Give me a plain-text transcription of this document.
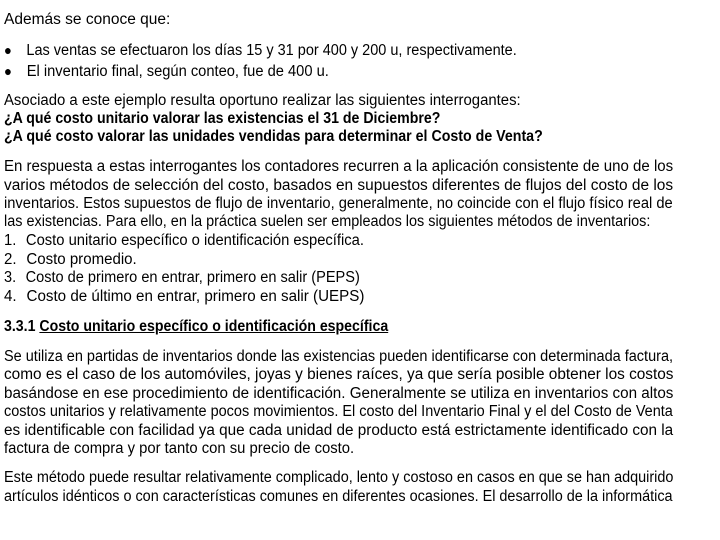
Además se conoce que:
● Las ventas se efectuaron los días 15 y 31 por 400 y 200 u, respectivamente.
● El inventario final, según conteo, fue de 400 u.
Asociado a este ejemplo resulta oportuno realizar las siguientes interrogantes:
¿A qué costo unitario valorar las existencias el 31 de Diciembre?
¿A qué costo valorar las unidades vendidas para determinar el Costo de Venta?
En respuesta a estas interrogantes los contadores recurren a la aplicación consistente de uno de los
varios métodos de selección del costo, basados en supuestos diferentes de flujos del costo de los
inventarios. Estos supuestos de flujo de inventario, generalmente, no coincide con el flujo físico real de
las existencias. Para ello, en la práctica suelen ser empleados los siguientes métodos de inventarios:
1. Costo unitario específico o identificación específica.
2. Costo promedio.
3. Costo de primero en entrar, primero en salir (PEPS)
4. Costo de último en entrar, primero en salir (UEPS)
3.3.1 Costo unitario específico o identificación específica
Se utiliza en partidas de inventarios donde las existencias pueden identificarse con determinada factura,
como es el caso de los automóviles, joyas y bienes raíces, ya que sería posible obtener los costos
basándose en ese procedimiento de identificación. Generalmente se utiliza en inventarios con altos
costos unitarios y relativamente pocos movimientos. El costo del Inventario Final y el del Costo de Venta
es identificable con facilidad ya que cada unidad de producto está estrictamente identificado con la
factura de compra y por tanto con su precio de costo.
Este método puede resultar relativamente complicado, lento y costoso en casos en que se han adquirido
artículos idénticos o con características comunes en diferentes ocasiones. El desarrollo de la informática
